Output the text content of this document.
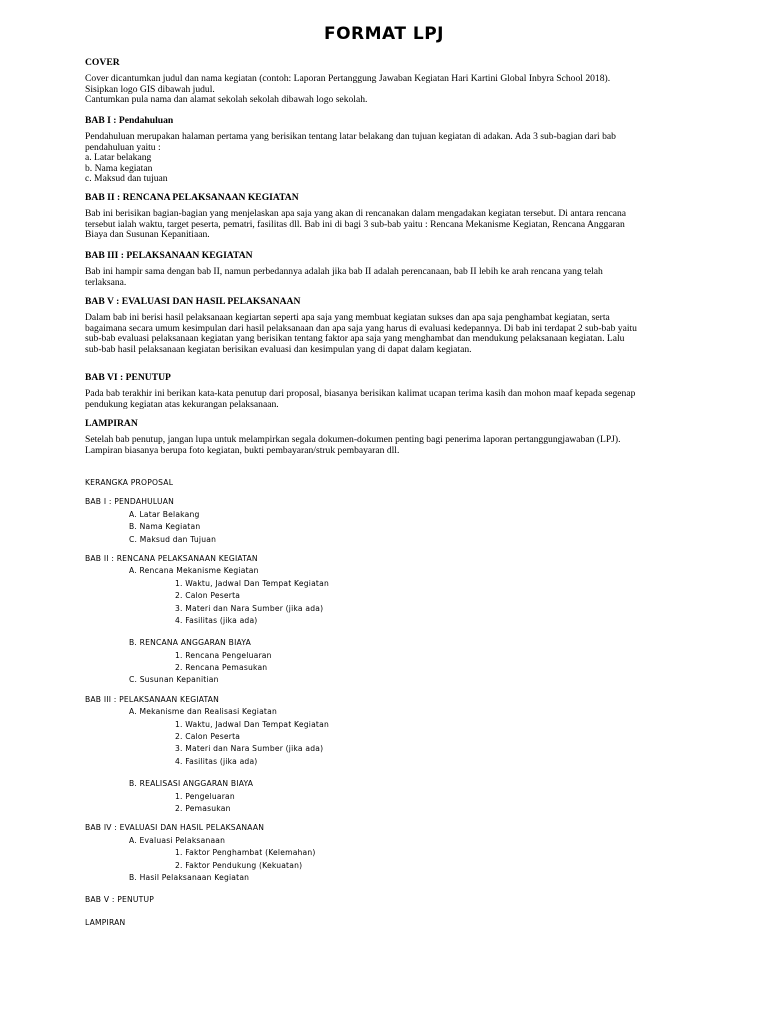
FORMAT LPJ
COVER
Cover dicantumkan judul dan nama kegiatan (contoh: Laporan Pertanggung Jawaban Kegiatan Hari Kartini Global Inbyra School 2018).
Sisipkan logo GIS dibawah judul.
Cantumkan pula nama dan alamat sekolah sekolah dibawah logo sekolah.
BAB I : Pendahuluan
Pendahuluan merupakan halaman pertama yang berisikan tentang latar belakang dan tujuan kegiatan di adakan. Ada 3 sub-bagian dari bab
pendahuluan yaitu :
a. Latar belakang
b. Nama kegiatan
c. Maksud dan tujuan
BAB II : RENCANA PELAKSANAAN KEGIATAN
Bab ini berisikan bagian-bagian yang menjelaskan apa saja yang akan di rencanakan dalam mengadakan kegiatan tersebut. Di antara rencana
tersebut ialah waktu, target peserta, pematri, fasilitas dll. Bab ini di bagi 3 sub-bab yaitu : Rencana Mekanisme Kegiatan, Rencana Anggaran
Biaya dan Susunan Kepanitiaan.
BAB III : PELAKSANAAN KEGIATAN
Bab ini hampir sama dengan bab II, namun perbedannya adalah jika bab II adalah perencanaan, bab II lebih ke arah rencana yang telah
terlaksana.
BAB V : EVALUASI DAN HASIL PELAKSANAAN
Dalam bab ini berisi hasil pelaksanaan kegiartan seperti apa saja yang membuat kegiatan sukses dan apa saja penghambat kegiatan, serta
bagaimana secara umum kesimpulan dari hasil pelaksanaan dan apa saja yang harus di evaluasi kedepannya. Di bab ini terdapat 2 sub-bab yaitu
sub-bab evaluasi pelaksanaan kegiatan yang berisikan tentang faktor apa saja yang menghambat dan mendukung pelaksanaan kegiatan. Lalu
sub-bab hasil pelaksanaan kegiatan berisikan evaluasi dan kesimpulan yang di dapat dalam kegiatan.
BAB VI : PENUTUP
Pada bab terakhir ini berikan kata-kata penutup dari proposal, biasanya berisikan kalimat ucapan terima kasih dan mohon maaf kepada segenap
pendukung kegiatan atas kekurangan pelaksanaan.
LAMPIRAN
Setelah bab penutup, jangan lupa untuk melampirkan segala dokumen-dokumen penting bagi penerima laporan pertanggungjawaban (LPJ).
Lampiran biasanya berupa foto kegiatan, bukti pembayaran/struk pembayaran dll.
KERANGKA PROPOSAL
BAB I : PENDAHULUAN
A. Latar Belakang
B. Nama Kegiatan
C. Maksud dan Tujuan
BAB II : RENCANA PELAKSANAAN KEGIATAN
A. Rencana Mekanisme Kegiatan
1. Waktu, Jadwal Dan Tempat Kegiatan
2. Calon Peserta
3. Materi dan Nara Sumber (jika ada)
4. Fasilitas (jika ada)
B. RENCANA ANGGARAN BIAYA
1. Rencana Pengeluaran
2. Rencana Pemasukan
C. Susunan Kepanitian
BAB III : PELAKSANAAN KEGIATAN
A. Mekanisme dan Realisasi Kegiatan
1. Waktu, Jadwal Dan Tempat Kegiatan
2. Calon Peserta
3. Materi dan Nara Sumber (jika ada)
4. Fasilitas (jika ada)
B. REALISASI ANGGARAN BIAYA
1. Pengeluaran
2. Pemasukan
BAB IV : EVALUASI DAN HASIL PELAKSANAAN
A. Evaluasi Pelaksanaan
1. Faktor Penghambat (Kelemahan)
2. Faktor Pendukung (Kekuatan)
B. Hasil Pelaksanaan Kegiatan
BAB V : PENUTUP
LAMPIRAN
